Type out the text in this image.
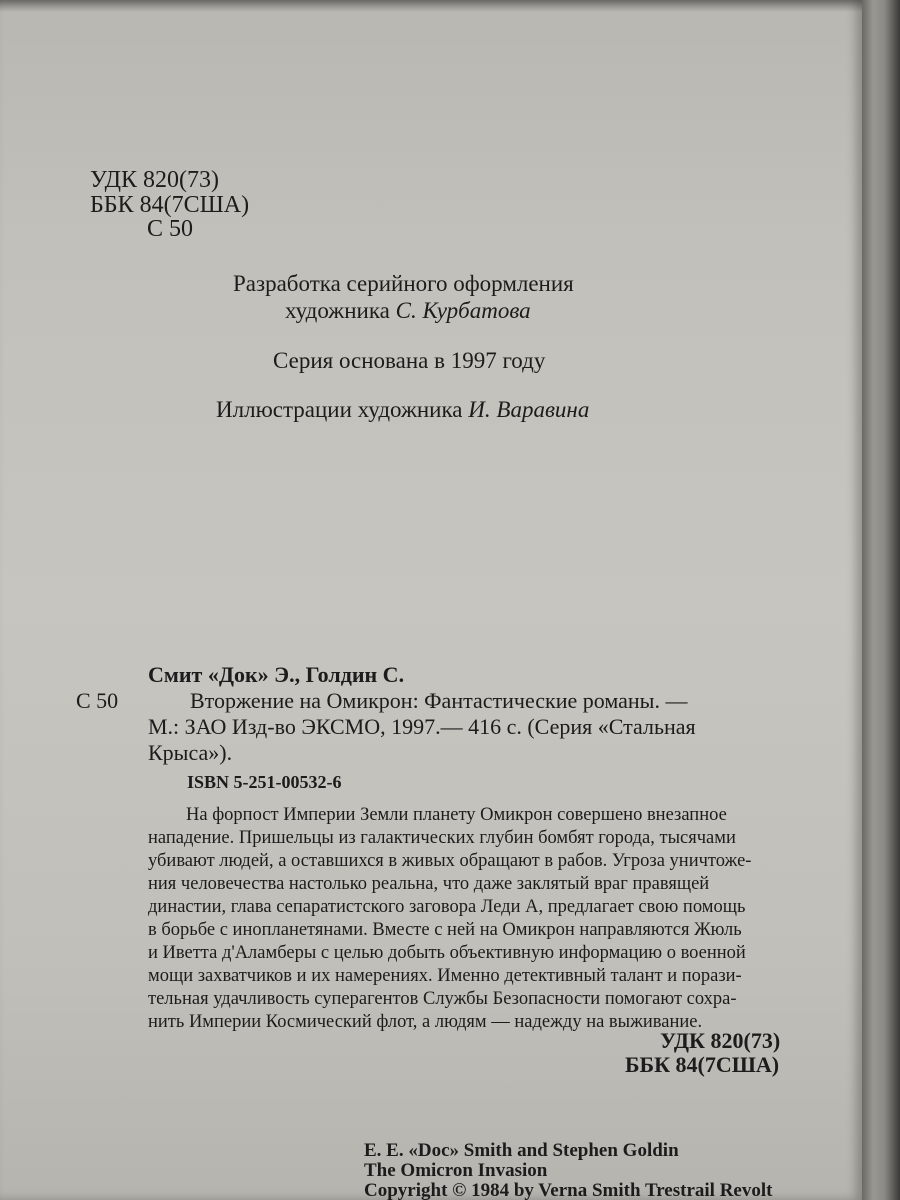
УДК 820(73)
ББК 84(7США)
С 50
Разработка серийного оформления
художника С. Курбатова
Серия основана в 1997 году
Иллюстрации художника И. Варавина
Смит «Док» Э., Голдин С.
С 50	Вторжение на Омикрон: Фантастические романы. —
М.: ЗАО Изд-во ЭКСМО, 1997.— 416 с. (Серия «Стальная
Крыса»).
ISBN 5-251-00532-6
На форпост Империи Земли планету Омикрон совершено внезапное
нападение. Пришельцы из галактических глубин бомбят города, тысячами
убивают людей, а оставшихся в живых обращают в рабов. Угроза уничтоже-
ния человечества настолько реальна, что даже заклятый враг правящей
династии, глава сепаратистского заговора Леди А, предлагает свою помощь
в борьбе с инопланетянами. Вместе с ней на Омикрон направляются Жюль
и Иветта д'Аламберы с целью добыть объективную информацию о военной
мощи захватчиков и их намерениях. Именно детективный талант и порази-
тельная удачливость суперагентов Службы Безопасности помогают сохра-
нить Империи Космический флот, а людям — надежду на выживание.
УДК 820(73)
ББК 84(7США)
E. E. «Doc» Smith and Stephen Goldin
The Omicron Invasion
Copyright © 1984 by Verna Smith Trestrail Revolt
